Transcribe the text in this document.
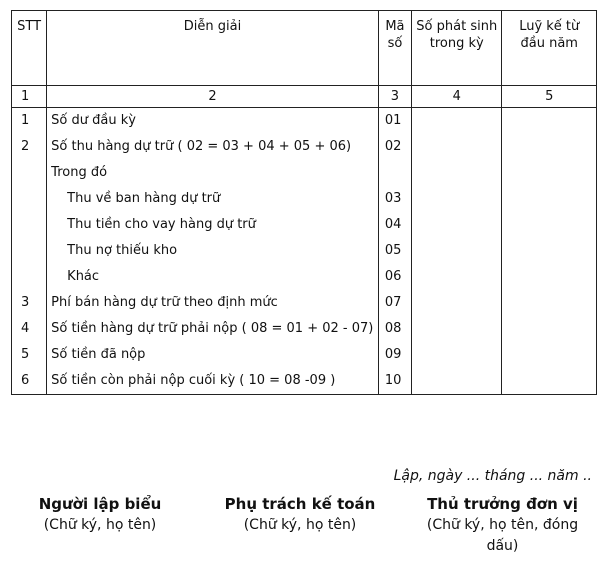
STT	Diễn giải	Mã số	Số phát sinh trong kỳ	Luỹ kế từ đầu năm
1	2	3	4	5
1	Số dư đầu kỳ	01		
2	Số thu hàng dự trữ ( 02 = 03 + 04 + 05 + 06)	02		
	Trong đó			
	Thu về ban hàng dự trữ	03		
	Thu tiền cho vay hàng dự trữ	04		
	Thu nợ thiếu kho	05		
	Khác	06		
3	Phí bán hàng dự trữ theo định mức	07		
4	Số tiền hàng dự trữ phải nộp ( 08 = 01 + 02 - 07)	08		
5	Số tiền đã nộp	09		
6	Số tiền còn phải nộp cuối kỳ ( 10 = 08 -09 )	10		
Lập, ngày ... tháng ... năm ..
Người lập biểu
(Chữ ký, họ tên)
Phụ trách kế toán
(Chữ ký, họ tên)
Thủ trưởng đơn vị
(Chữ ký, họ tên, đóng dấu)
